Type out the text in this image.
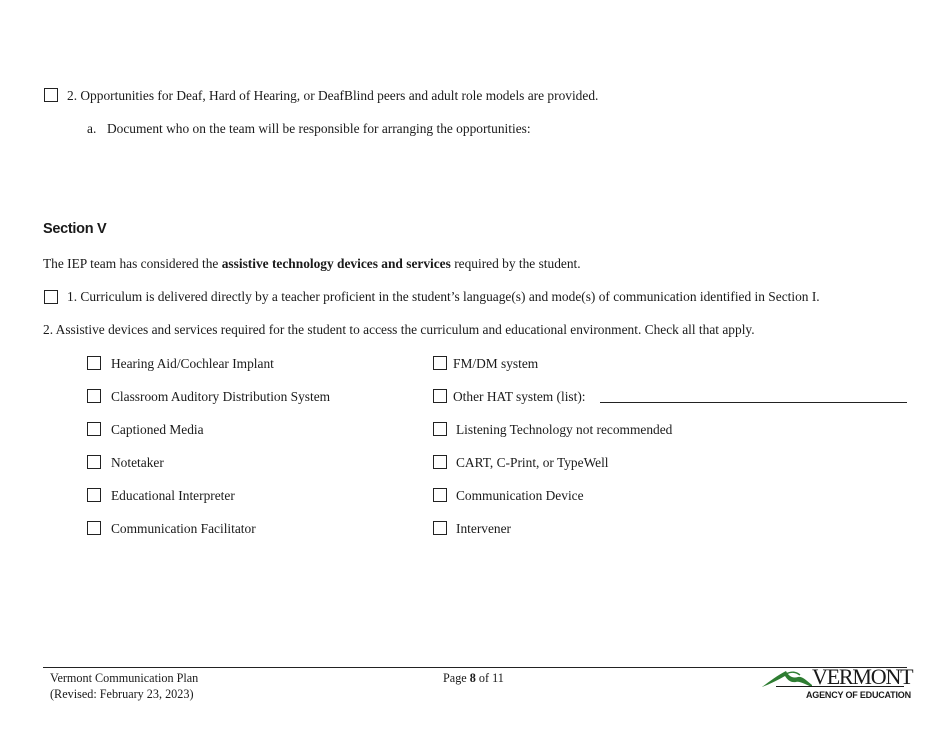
2. Opportunities for Deaf, Hard of Hearing, or DeafBlind peers and adult role models are provided.
a. Document who on the team will be responsible for arranging the opportunities:
Section V
The IEP team has considered the assistive technology devices and services required by the student.
1. Curriculum is delivered directly by a teacher proficient in the student’s language(s) and mode(s) of communication identified in Section I.
2. Assistive devices and services required for the student to access the curriculum and educational environment. Check all that apply.
Hearing Aid/Cochlear Implant
Classroom Auditory Distribution System
Captioned Media
Notetaker
Educational Interpreter
Communication Facilitator
FM/DM system
Other HAT system (list):
Listening Technology not recommended
CART, C-Print, or TypeWell
Communication Device
Intervener
Vermont Communication Plan
(Revised: February 23, 2023)
Page 8 of 11	VERMONT
AGENCY OF EDUCATION
